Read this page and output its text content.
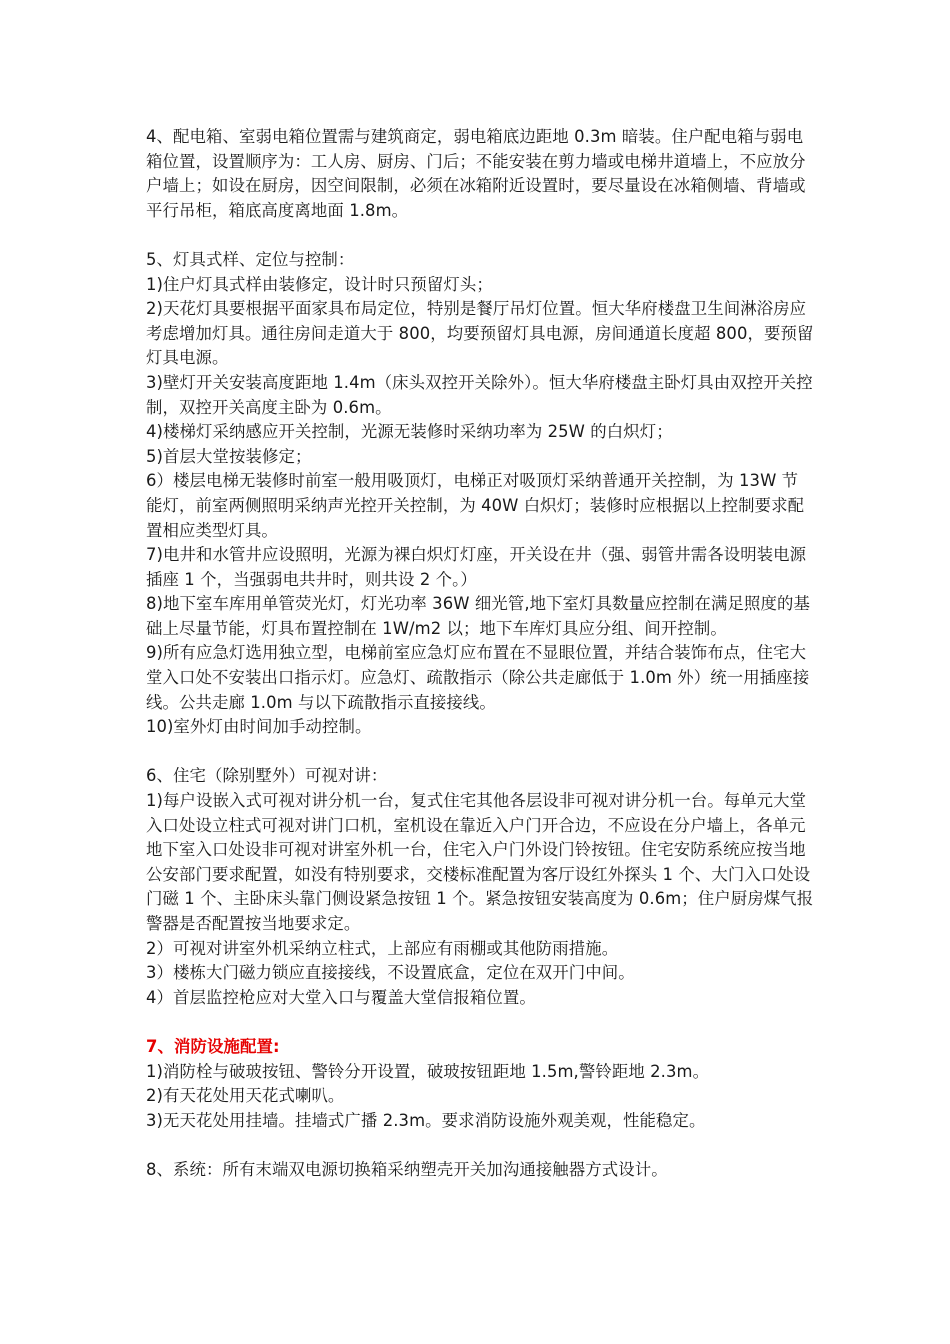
4、配电箱、室弱电箱位置需与建筑商定，弱电箱底边距地 0.3m 暗装。住户配电箱与弱电箱位置，设置顺序为：工人房、厨房、门后；不能安装在剪力墙或电梯井道墙上，不应放分户墙上；如设在厨房，因空间限制，必须在冰箱附近设置时，要尽量设在冰箱侧墙、背墙或平行吊柜，箱底高度离地面 1.8m。

5、灯具式样、定位与控制：

1)住户灯具式样由装修定，设计时只预留灯头；

2)天花灯具要根据平面家具布局定位，特别是餐厅吊灯位置。恒大华府楼盘卫生间淋浴房应考虑增加灯具。通往房间走道大于 800，均要预留灯具电源，房间通道长度超 800，要预留灯具电源。

3)壁灯开关安装高度距地 1.4m（床头双控开关除外）。恒大华府楼盘主卧灯具由双控开关控制，双控开关高度主卧为 0.6m。

4)楼梯灯采纳感应开关控制，光源无装修时采纳功率为 25W 的白炽灯；

5)首层大堂按装修定；

6）楼层电梯无装修时前室一般用吸顶灯，电梯正对吸顶灯采纳普通开关控制，为 13W 节能灯，前室两侧照明采纳声光控开关控制，为 40W 白炽灯；装修时应根据以上控制要求配置相应类型灯具。

7)电井和水管井应设照明，光源为裸白炽灯灯座，开关设在井（强、弱管井需各设明装电源插座 1 个，当强弱电共井时，则共设 2 个。）

8)地下室车库用单管荧光灯，灯光功率 36W 细光管,地下室灯具数量应控制在满足照度的基础上尽量节能，灯具布置控制在 1W/m2 以；地下车库灯具应分组、间开控制。

9)所有应急灯选用独立型，电梯前室应急灯应布置在不显眼位置，并结合装饰布点，住宅大堂入口处不安装出口指示灯。应急灯、疏散指示（除公共走廊低于 1.0m 外）统一用插座接线。公共走廊 1.0m 与以下疏散指示直接接线。

10)室外灯由时间加手动控制。

6、住宅（除别墅外）可视对讲：

1)每户设嵌入式可视对讲分机一台，复式住宅其他各层设非可视对讲分机一台。每单元大堂入口处设立柱式可视对讲门口机，室机设在靠近入户门开合边，不应设在分户墙上，各单元地下室入口处设非可视对讲室外机一台，住宅入户门外设门铃按钮。住宅安防系统应按当地公安部门要求配置，如没有特别要求，交楼标准配置为客厅设红外探头 1 个、大门入口处设门磁 1 个、主卧床头靠门侧设紧急按钮 1 个。紧急按钮安装高度为 0.6m；住户厨房煤气报警器是否配置按当地要求定。

2）可视对讲室外机采纳立柱式，上部应有雨棚或其他防雨措施。

3）楼栋大门磁力锁应直接接线，不设置底盒，定位在双开门中间。

4）首层监控枪应对大堂入口与覆盖大堂信报箱位置。

7、消防设施配置:

1)消防栓与破玻按钮、警铃分开设置，破玻按钮距地 1.5m,警铃距地 2.3m。

2)有天花处用天花式喇叭。

3)无天花处用挂墙。挂墙式广播 2.3m。要求消防设施外观美观，性能稳定。

8、系统：所有末端双电源切换箱采纳塑壳开关加沟通接触器方式设计。
